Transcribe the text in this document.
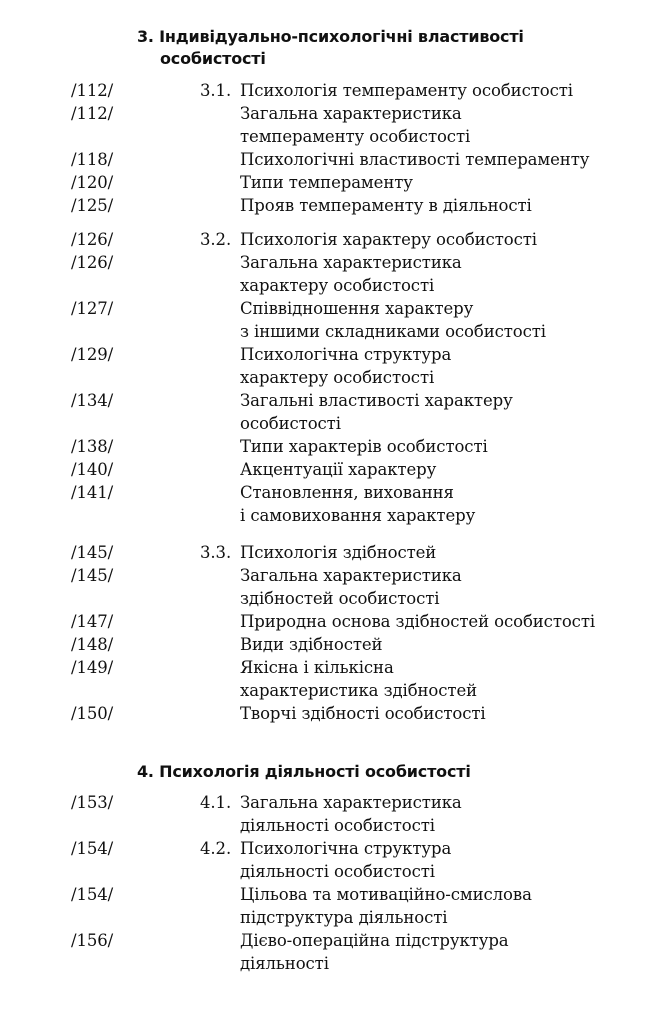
3. Індивідуально-психологічні властивості
особистості
/112/	3.1. Психологія темпераменту особистості
/112/	Загальна характеристика
темпераменту особистості
/118/	Психологічні властивості темпераменту
/120/	Типи темпераменту
/125/	Прояв темпераменту в діяльності
/126/	3.2. Психологія характеру особистості
/126/	Загальна характеристика
характеру особистості
/127/	Співвідношення характеру
з іншими складниками особистості
/129/	Психологічна структура
характеру особистості
/134/	Загальні властивості характеру
особистості
/138/	Типи характерів особистості
/140/	Акцентуації характеру
/141/	Становлення, виховання
і самовиховання характеру
/145/	3.3. Психологія здібностей
/145/	Загальна характеристика
здібностей особистості
/147/	Природна основа здібностей особистості
/148/	Види здібностей
/149/	Якісна і кількісна
характеристика здібностей
/150/	Творчі здібності особистості
4. Психологія діяльності особистості
/153/	4.1. Загальна характеристика
діяльності особистості
/154/	4.2. Психологічна структура
діяльності особистості
/154/	Цільова та мотиваційно-смислова
підструктура діяльності
/156/	Дієво-операційна підструктура
діяльності
